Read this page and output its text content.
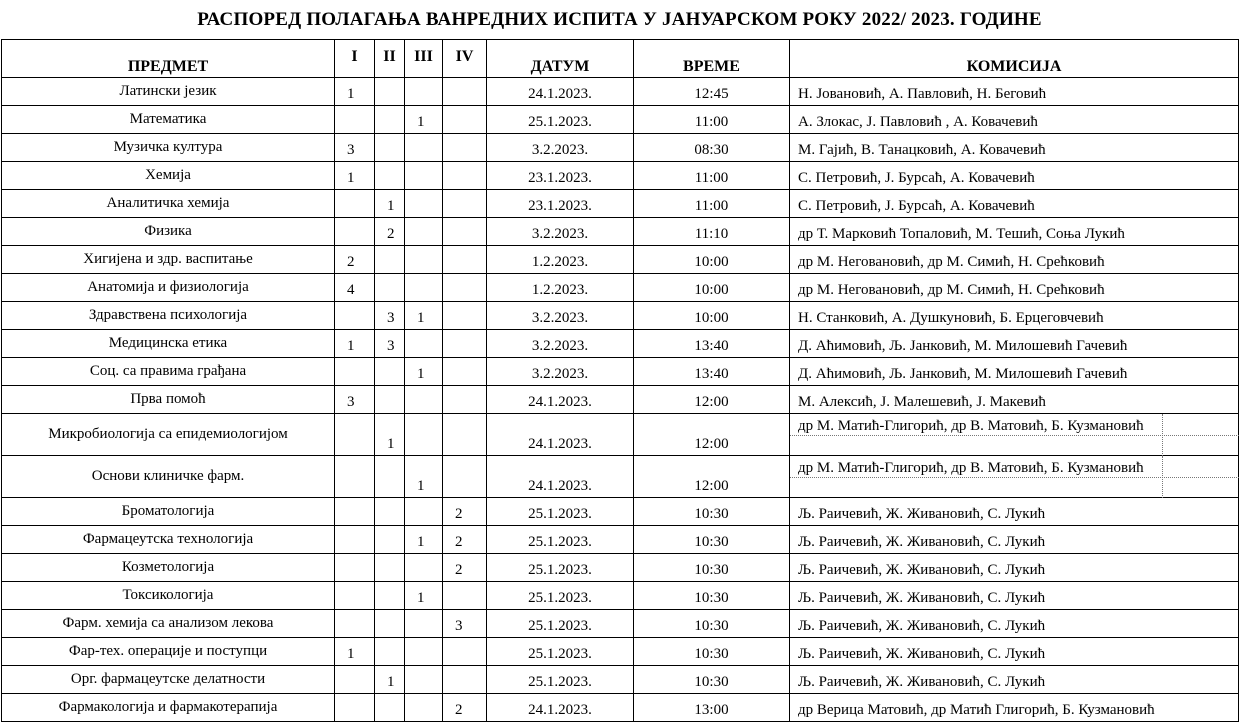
РАСПОРЕД ПОЛАГАЊА ВАНРЕДНИХ ИСПИТА У ЈАНУАРСКОМ РОКУ 2022/ 2023. ГОДИНЕ
ПРЕДМЕТ	I	II	III	IV	ДАТУМ	ВРЕМЕ	КОМИСИЈА
Латински језик	1				24.1.2023.	12:45	Н. Јовановић, А. Павловић, Н. Беговић
Математика			1		25.1.2023.	11:00	А. Злокас, Ј. Павловић , А. Ковачевић
Музичка култура	3				3.2.2023.	08:30	М. Гајић, В. Танацковић, А. Ковачевић
Хемија	1				23.1.2023.	11:00	С. Петровић, Ј. Бурсаћ, А. Ковачевић
Аналитичка хемија		1			23.1.2023.	11:00	С. Петровић, Ј. Бурсаћ, А. Ковачевић
Физика		2			3.2.2023.	11:10	др Т. Марковић Топаловић, М. Тешић, Соња Лукић
Хигијена и здр. васпитање	2				1.2.2023.	10:00	др М. Негованoвић, др М. Симић, Н. Срећковић
Анатомија и физиологија	4				1.2.2023.	10:00	др М. Негованoвић, др М. Симић, Н. Срећковић
Здравствена психологија		3	1		3.2.2023.	10:00	Н. Станковић, А. Душкуновић, Б. Ерцеговчевић
Медицинска етика	1	3			3.2.2023.	13:40	Д. Аћимовић, Љ. Јанковић, М. Милошевић Гачевић
Соц. са правима грађана			1		3.2.2023.	13:40	Д. Аћимовић, Љ. Јанковић, М. Милошевић Гачевић
Прва помоћ	3				24.1.2023.	12:00	М. Алексић, Ј. Малешевић, Ј. Макевић
Микробиологија са епидемиологијом		1			24.1.2023.	12:00	др М. Матић-Глигорић, др В. Матовић, Б. Кузмановић

Основи клиничке фарм.			1		24.1.2023.	12:00	др М. Матић-Глигорић, др В. Матовић, Б. Кузмановић

Броматологија				2	25.1.2023.	10:30	Љ. Раичевић, Ж. Живановић, С. Лукић
Фармацеутска технологија			1	2	25.1.2023.	10:30	Љ. Раичевић, Ж. Живановић, С. Лукић
Козметологија				2	25.1.2023.	10:30	Љ. Раичевић, Ж. Живановић, С. Лукић
Токсикологија			1		25.1.2023.	10:30	Љ. Раичевић, Ж. Живановић, С. Лукић
Фарм. хемија са анализом лекова				3	25.1.2023.	10:30	Љ. Раичевић, Ж. Живановић, С. Лукић
Фар-тех. операције и поступци	1				25.1.2023.	10:30	Љ. Раичевић, Ж. Живановић, С. Лукић
Орг. фармацеутске делатности		1			25.1.2023.	10:30	Љ. Раичевић, Ж. Живановић, С. Лукић
Фармакологија и фармакотерапија				2	24.1.2023.	13:00	др Верица Матовић, др Матић Глигорић, Б. Кузмановић
